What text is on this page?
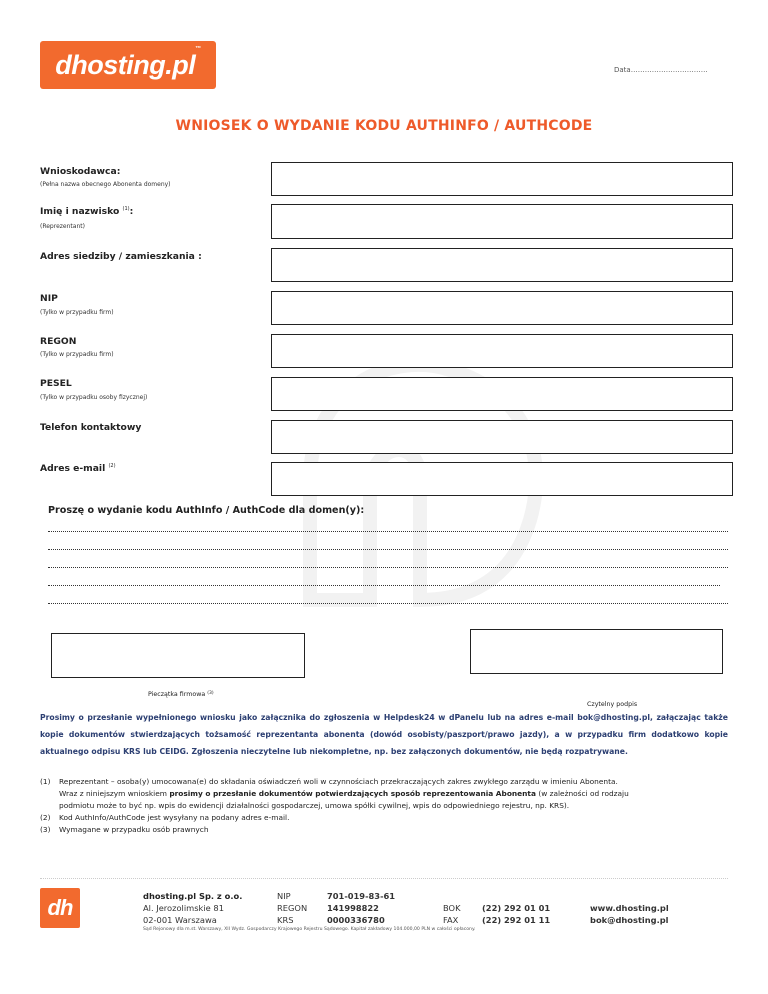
dhosting.pl™
Data……………………………
WNIOSEK O WYDANIE KODU AUTHINFO / AUTHCODE
Wnioskodawca:
(Pełna nazwa obecnego Abonenta domeny)
Imię i nazwisko $^{(1)}$:
(Reprezentant)
Adres siedziby / zamieszkania :
NIP
(Tylko w przypadku firm)
REGON
(Tylko w przypadku firm)
PESEL
(Tylko w przypadku osoby fizycznej)
Telefon kontaktowy
Adres e-mail $^{(2)}$
Proszę o wydanie kodu AuthInfo / AuthCode dla domen(y):
Pieczątka firmowa $^{(3)}$
Czytelny podpis
Prosimy o przesłanie wypełnionego wniosku jako załącznika do zgłoszenia w Helpdesk24 w dPanelu lub na adres e-mail bok@dhosting.pl, załączając także kopie dokumentów stwierdzających tożsamość reprezentanta abonenta (dowód osobisty/paszport/prawo jazdy), a w przypadku firm dodatkowo kopie aktualnego odpisu KRS lub CEIDG. Zgłoszenia nieczytelne lub niekompletne, np. bez załączonych dokumentów, nie będą rozpatrywane.
(1) Reprezentant – osoba(y) umocowana(e) do składania oświadczeń woli w czynnościach przekraczających zakres zwykłego zarządu w imieniu Abonenta.
Wraz z niniejszym wnioskiem prosimy o przesłanie dokumentów potwierdzających sposób reprezentowania Abonenta (w zależności od rodzaju
podmiotu może to być np. wpis do ewidencji działalności gospodarczej, umowa spółki cywilnej, wpis do odpowiedniego rejestru, np. KRS).
(2) Kod AuthInfo/AuthCode jest wysyłany na podany adres e-mail.
(3) Wymagane w przypadku osób prawnych
dh	dhosting.pl Sp. z o.o.
Al. Jerozolimskie 81
02-001 Warszawa
NIP
REGON
KRS
701-019-83-61
141998822
0000336780
BOK
FAX
(22) 292 01 01
(22) 292 01 11
www.dhosting.pl
bok@dhosting.pl
Sąd Rejonowy dla m.st. Warszawy, XII Wydz. Gospodarczy Krajowego Rejestru Sądowego. Kapitał zakładowy 104.000,00 PLN w całości opłacony.
